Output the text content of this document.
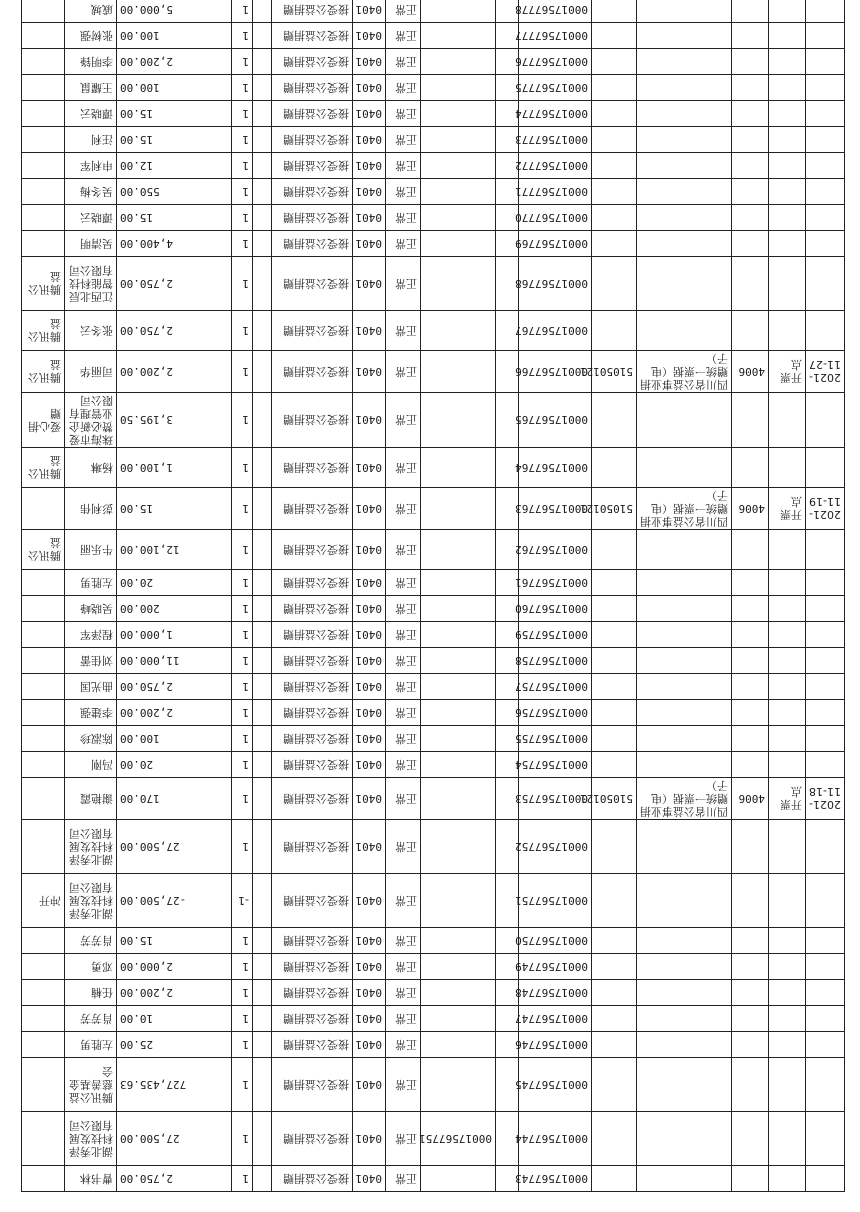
					00017567743			正常	0401	接受公益捐赠		1	2,750.00	曹书林	
					00017567744		00017567751	正常	0401	接受公益捐赠		1	27,500.00	湖北秀泽科技发展有限公司	
					00017567745			正常	0401	接受公益捐赠		1	727,435.63	腾讯公益慈善基金会	
					00017567746			正常	0401	接受公益捐赠		1	25.00	左胜男	
					00017567747			正常	0401	接受公益捐赠		1	10.00	肖芳芳	
					00017567748			正常	0401	接受公益捐赠		1	2,200.00	任楠	
					00017567749			正常	0401	接受公益捐赠		1	2,000.00	邓勇	
					00017567750			正常	0401	接受公益捐赠		1	15.00	肖芳芳	
					00017567751			正常	0401	接受公益捐赠		-1	-27,500.00	湖北秀泽科技发展有限公司	冲开
					00017567752			正常	0401	接受公益捐赠		1	27,500.00	湖北秀泽科技发展有限公司	
2021-11-18	开票点	4006	四川省公益事业捐赠统一票据（电子）	51050121	00017567753			正常	0401	接受公益捐赠		1	170.00	谢艳霞	
					00017567754			正常	0401	接受公益捐赠		1	20.00	冯刚	
					00017567755			正常	0401	接受公益捐赠		1	100.00	陈淑珍	
					00017567756			正常	0401	接受公益捐赠		1	2,200.00	李建强	
					00017567757			正常	0401	接受公益捐赠		1	2,750.00	曲光国	
					00017567758			正常	0401	接受公益捐赠		1	11,000.00	刘佳蕾	
					00017567759			正常	0401	接受公益捐赠		1	1,000.00	程泽军	
					00017567760			正常	0401	接受公益捐赠		1	200.00	吴晓峰	
					00017567761			正常	0401	接受公益捐赠		1	20.00	左胜男	
					00017567762			正常	0401	接受公益捐赠		1	12,100.00	牛乐丽	腾讯公益
2021-11-19	开票点	4006	四川省公益事业捐赠统一票据（电子）	51050121	00017567763			正常	0401	接受公益捐赠		1	15.00	彭利伟	
					00017567764			正常	0401	接受公益捐赠		1	1,100.00	杨琳	腾讯公益
					00017567765			正常	0401	接受公益捐赠		1	3,195.50	珠海市爱赞必新企业管理有限公司	爱心捐赠
2021-11-27	开票点	4006	四川省公益事业捐赠统一票据（电子）	51050121	00017567766			正常	0401	接受公益捐赠		1	2,200.00	司丽华	腾讯公益
					00017567767			正常	0401	接受公益捐赠		1	2,750.00	张冬云	腾讯公益
					00017567768			正常	0401	接受公益捐赠		1	2,750.00	江西北辰智能科技有限公司	腾讯公益
					00017567769			正常	0401	接受公益捐赠		1	4,400.00	吴清明	
					00017567770			正常	0401	接受公益捐赠		1	15.00	谭晓云	
					00017567771			正常	0401	接受公益捐赠		1	550.00	吴冬梅	
					00017567772			正常	0401	接受公益捐赠		1	12.00	申利军	
					00017567773			正常	0401	接受公益捐赠		1	15.00	汪利	
					00017567774			正常	0401	接受公益捐赠		1	15.00	谭晓云	
					00017567775			正常	0401	接受公益捐赠		1	100.00	王耀鼠	
					00017567776			正常	0401	接受公益捐赠		1	2,200.00	李明锋	
					00017567777			正常	0401	接受公益捐赠		1	100.00	张树强	
					00017567778			正常	0401	接受公益捐赠		1	5,000.00	戚城	
